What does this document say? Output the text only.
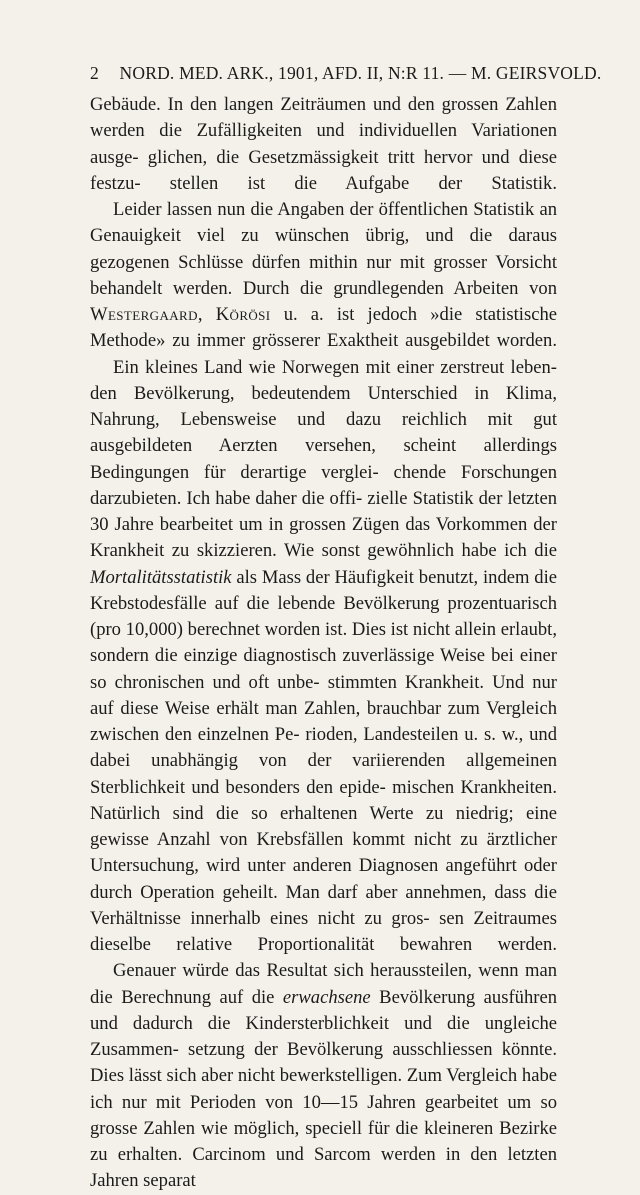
2 NORD. MED. ARK., 1901, AFD. II, N:R 11. — M. GEIRSVOLD.

Gebäude. In den langen Zeiträumen und den grossen Zahlen werden die Zufälligkeiten und individuellen Variationen ausge- glichen, die Gesetzmässigkeit tritt hervor und diese festzu- stellen ist die Aufgabe der Statistik.

Leider lassen nun die Angaben der öffentlichen Statistik an Genauigkeit viel zu wünschen übrig, und die daraus gezogenen Schlüsse dürfen mithin nur mit grosser Vorsicht behandelt werden. Durch die grundlegenden Arbeiten von Westergaard, Körösi u. a. ist jedoch »die statistische Methode» zu immer grösserer Exaktheit ausgebildet worden.

Ein kleines Land wie Norwegen mit einer zerstreut leben- den Bevölkerung, bedeutendem Unterschied in Klima, Nahrung, Lebensweise und dazu reichlich mit gut ausgebildeten Aerzten versehen, scheint allerdings Bedingungen für derartige verglei- chende Forschungen darzubieten. Ich habe daher die offi- zielle Statistik der letzten 30 Jahre bearbeitet um in grossen Zügen das Vorkommen der Krankheit zu skizzieren. Wie sonst gewöhnlich habe ich die Mortalitätsstatistik als Mass der Häufigkeit benutzt, indem die Krebstodesfälle auf die lebende Bevölkerung prozentuarisch (pro 10,000) berechnet worden ist. Dies ist nicht allein erlaubt, sondern die einzige diagnostisch zuverlässige Weise bei einer so chronischen und oft unbe- stimmten Krankheit. Und nur auf diese Weise erhält man Zahlen, brauchbar zum Vergleich zwischen den einzelnen Pe- rioden, Landesteilen u. s. w., und dabei unabhängig von der variierenden allgemeinen Sterblichkeit und besonders den epide- mischen Krankheiten. Natürlich sind die so erhaltenen Werte zu niedrig; eine gewisse Anzahl von Krebsfällen kommt nicht zu ärztlicher Untersuchung, wird unter anderen Diagnosen angeführt oder durch Operation geheilt. Man darf aber annehmen, dass die Verhältnisse innerhalb eines nicht zu gros- sen Zeitraumes dieselbe relative Proportionalität bewahren werden.

Genauer würde das Resultat sich heraussteilen, wenn man die Berechnung auf die erwachsene Bevölkerung ausführen und dadurch die Kindersterblichkeit und die ungleiche Zusammen- setzung der Bevölkerung ausschliessen könnte. Dies lässt sich aber nicht bewerkstelligen. Zum Vergleich habe ich nur mit Perioden von 10—15 Jahren gearbeitet um so grosse Zahlen wie möglich, speciell für die kleineren Bezirke zu erhalten. Carcinom und Sarcom werden in den letzten Jahren separat
